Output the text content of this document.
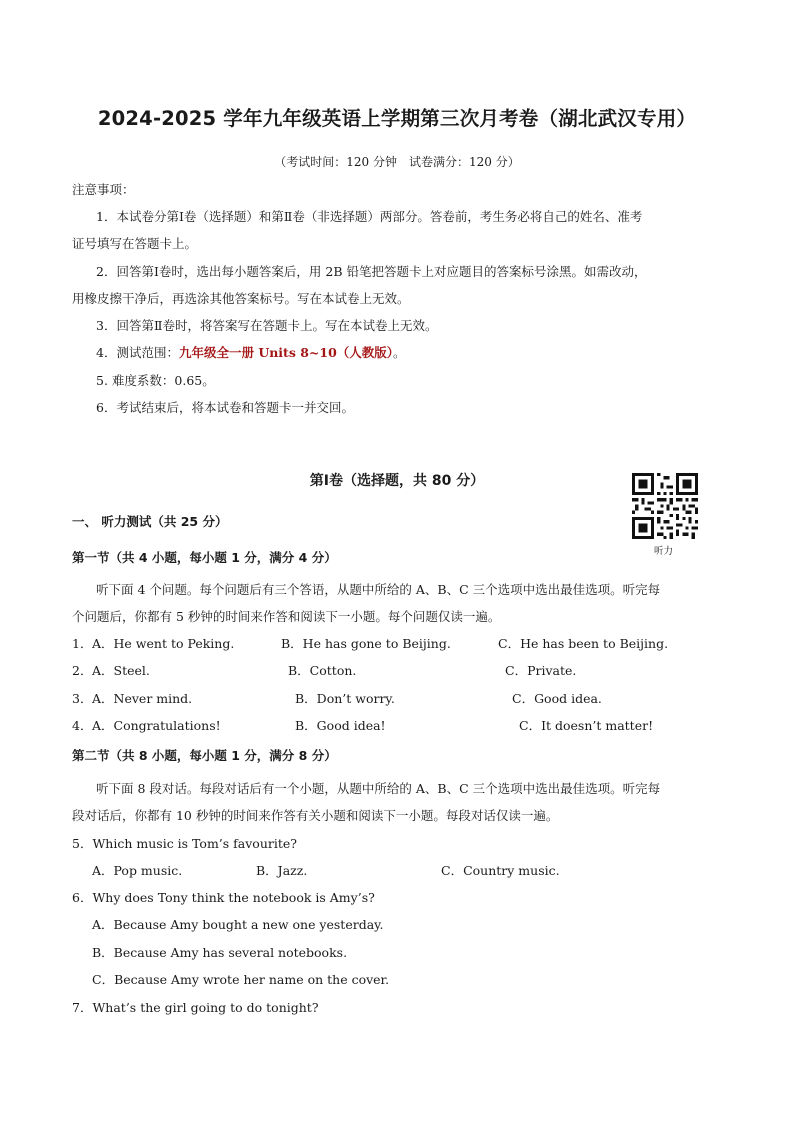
2024-2025 学年九年级英语上学期第三次月考卷（湖北武汉专用）
（考试时间：120 分钟　试卷满分：120 分）
注意事项：
1．本试卷分第Ⅰ卷（选择题）和第Ⅱ卷（非选择题）两部分。答卷前，考生务必将自己的姓名、准考
证号填写在答题卡上。
2．回答第Ⅰ卷时，选出每小题答案后，用 2B 铅笔把答题卡上对应题目的答案标号涂黑。如需改动，
用橡皮擦干净后，再选涂其他答案标号。写在本试卷上无效。
3．回答第Ⅱ卷时，将答案写在答题卡上。写在本试卷上无效。
4．测试范围：九年级全一册 Units 8~10（人教版）。
5. 难度系数：0.65。
6．考试结束后，将本试卷和答题卡一并交回。
第Ⅰ卷（选择题，共 80 分）
听力
一、 听力测试（共 25 分）
第一节（共 4 小题，每小题 1 分，满分 4 分）
听下面 4 个问题。每个问题后有三个答语，从题中所给的 A、B、C 三个选项中选出最佳选项。听完每
个问题后，你都有 5 秒钟的时间来作答和阅读下一小题。每个问题仅读一遍。
1． A．He went to Peking.	B．He has gone to Beijing.	C．He has been to Beijing.
2． A．Steel.	B．Cotton.	C．Private.
3． A．Never mind.	B．Don’t worry.	C．Good idea.
4． A．Congratulations!	B．Good idea!	C．It doesn’t matter!
第二节（共 8 小题，每小题 1 分，满分 8 分）
听下面 8 段对话。每段对话后有一个小题，从题中所给的 A、B、C 三个选项中选出最佳选项。听完每
段对话后，你都有 10 秒钟的时间来作答有关小题和阅读下一小题。每段对话仅读一遍。
5．Which music is Tom’s favourite?
A．Pop music.	B．Jazz.	C．Country music.
6．Why does Tony think the notebook is Amy’s?
A．Because Amy bought a new one yesterday.
B．Because Amy has several notebooks.
C．Because Amy wrote her name on the cover.
7．What’s the girl going to do tonight?
